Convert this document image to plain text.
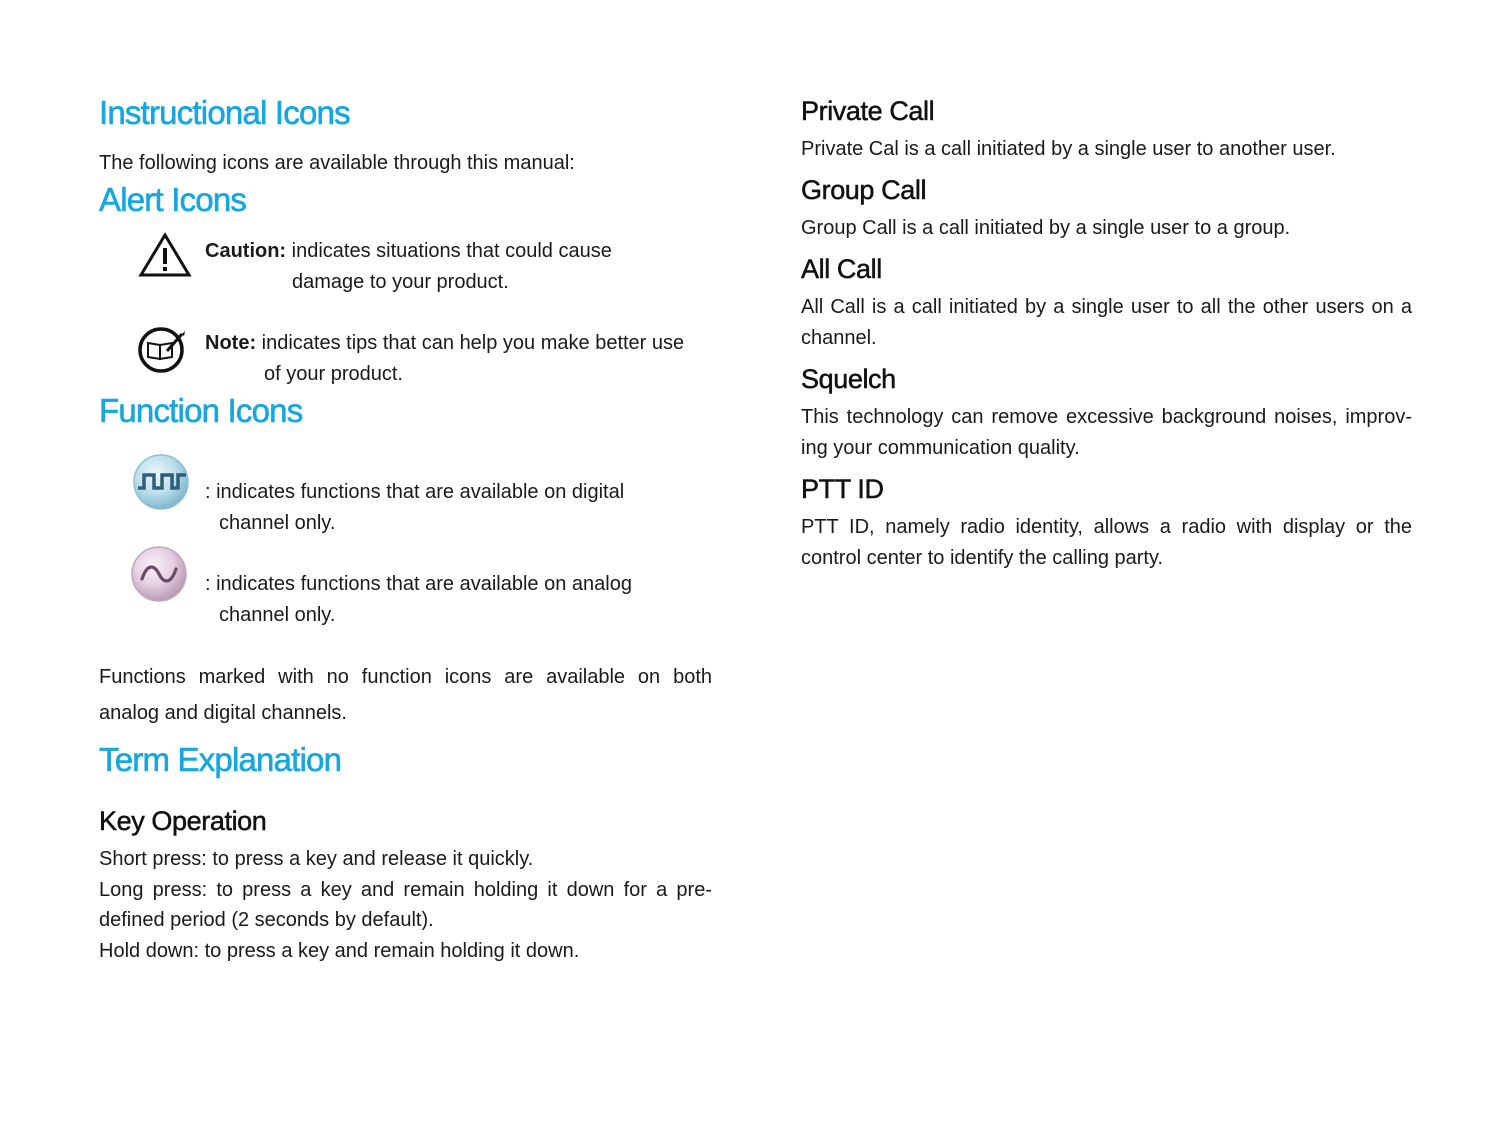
Instructional Icons

The following icons are available through this manual:

Alert Icons

Caution: indicates situations that could cause

damage to your product.

Note: indicates tips that can help you make better use

of your product.

Function Icons

: indicates functions that are available on digital

channel only.

: indicates functions that are available on analog

channel only.

Functions marked with no function icons are available on both

analog and digital channels.

Term Explanation
Key Operation

Short press: to press a key and release it quickly.

Long press: to press a key and remain holding it down for a pre-

defined period (2 seconds by default).

Hold down: to press a key and remain holding it down.

Private Call

Private Cal is a call initiated by a single user to another user.

Group Call

Group Call is a call initiated by a single user to a group.

All Call

All Call is a call initiated by a single user to all the other users on a

channel.

Squelch

This technology can remove excessive background noises, improv-

ing your communication quality.

PTT ID

PTT ID, namely radio identity, allows a radio with display or the

control center to identify the calling party.
